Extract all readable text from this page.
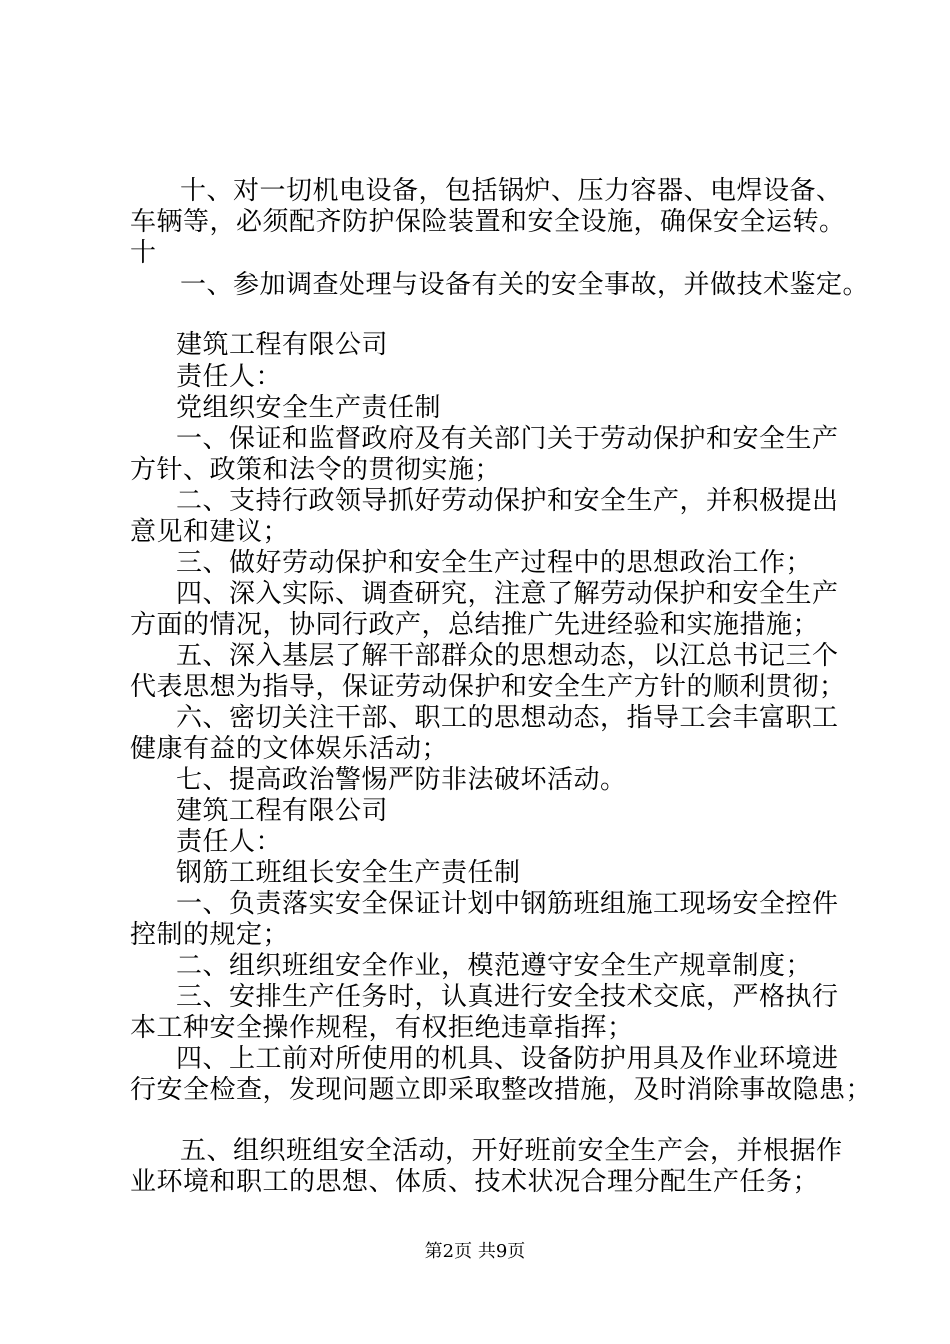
十、对一切机电设备，包括锅炉、压力容器、电焊设备、
车辆等，必须配齐防护保险装置和安全设施，确保安全运转。
十
一、参加调查处理与设备有关的安全事故，并做技术鉴定。
建筑工程有限公司
责任人：
党组织安全生产责任制
一、保证和监督政府及有关部门关于劳动保护和安全生产
方针、政策和法令的贯彻实施；
二、支持行政领导抓好劳动保护和安全生产，并积极提出
意见和建议；
三、做好劳动保护和安全生产过程中的思想政治工作；
四、深入实际、调查研究，注意了解劳动保护和安全生产
方面的情况，协同行政产，总结推广先进经验和实施措施；
五、深入基层了解干部群众的思想动态，以江总书记三个
代表思想为指导，保证劳动保护和安全生产方针的顺利贯彻；
六、密切关注干部、职工的思想动态，指导工会丰富职工
健康有益的文体娱乐活动；
七、提高政治警惕严防非法破坏活动。
建筑工程有限公司
责任人：
钢筋工班组长安全生产责任制
一、负责落实安全保证计划中钢筋班组施工现场安全控件
控制的规定；
二、组织班组安全作业，模范遵守安全生产规章制度；
三、安排生产任务时，认真进行安全技术交底，严格执行
本工种安全操作规程，有权拒绝违章指挥；
四、上工前对所使用的机具、设备防护用具及作业环境进
行安全检查，发现问题立即采取整改措施，及时消除事故隐患；
五、组织班组安全活动，开好班前安全生产会，并根据作
业环境和职工的思想、体质、技术状况合理分配生产任务；
第2页 共9页
